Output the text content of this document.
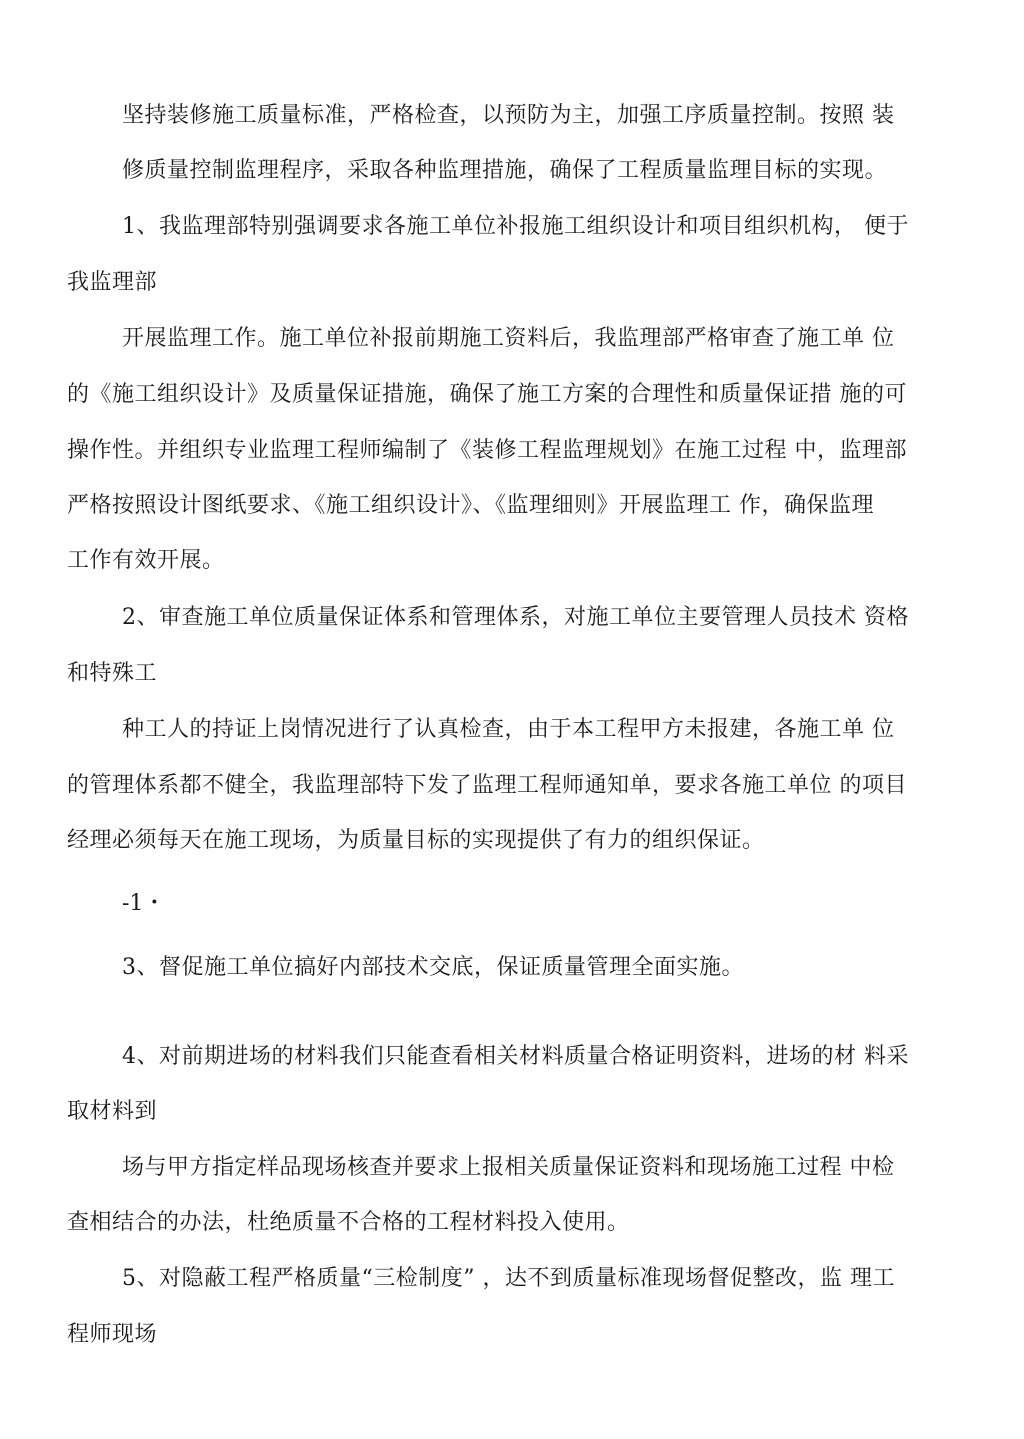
坚持装修施工质量标准，严格检查，以预防为主，加强工序质量控制。按照 装
修质量控制监理程序，采取各种监理措施，确保了工程质量监理目标的实现。
1、我监理部特别强调要求各施工单位补报施工组织设计和项目组织机构， 便于
我监理部
开展监理工作。施工单位补报前期施工资料后，我监理部严格审查了施工单 位
的《施工组织设计》及质量保证措施，确保了施工方案的合理性和质量保证措 施的可
操作性。并组织专业监理工程师编制了《装修工程监理规划》在施工过程 中，监理部
严格按照设计图纸要求、《施工组织设计》、《监理细则》开展监理工 作，确保监理
工作有效开展。
2、审查施工单位质量保证体系和管理体系，对施工单位主要管理人员技术 资格
和特殊工
种工人的持证上岗情况进行了认真检查，由于本工程甲方未报建，各施工单 位
的管理体系都不健全，我监理部特下发了监理工程师通知单，要求各施工单位 的项目
经理必须每天在施工现场，为质量目标的实现提供了有力的组织保证。
-1・
3、督促施工单位搞好内部技术交底，保证质量管理全面实施。
4、对前期进场的材料我们只能查看相关材料质量合格证明资料，进场的材 料采
取材料到
场与甲方指定样品现场核查并要求上报相关质量保证资料和现场施工过程 中检
查相结合的办法，杜绝质量不合格的工程材料投入使用。
5、对隐蔽工程严格质量“三检制度” ，达不到质量标准现场督促整改，监 理工
程师现场
